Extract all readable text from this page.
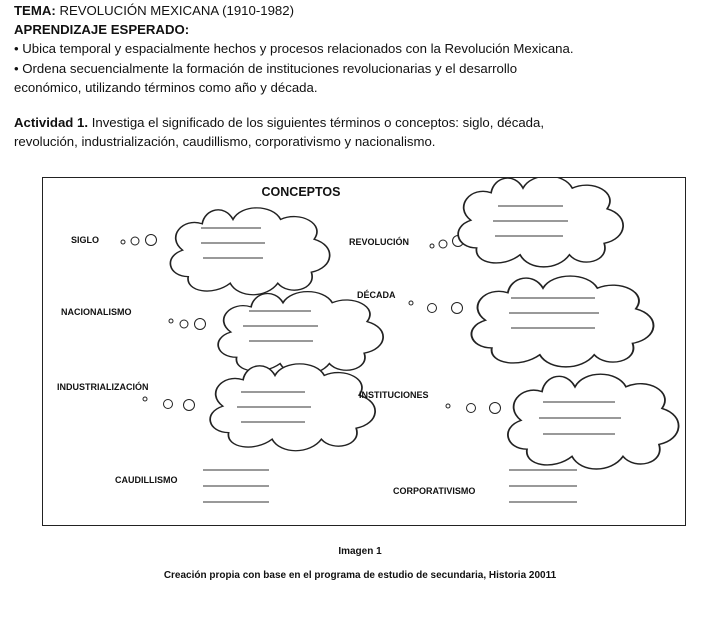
TEMA: REVOLUCIÓN MEXICANA (1910-1982)
APRENDIZAJE ESPERADO:
• Ubica temporal y espacialmente hechos y procesos relacionados con la Revolución Mexicana.
• Ordena secuencialmente la formación de instituciones revolucionarias y el desarrollo
económico, utilizando términos como año y década.
Actividad 1. Investiga el significado de los siguientes términos o conceptos: siglo, década,
revolución, industrialización, caudillismo, corporativismo y nacionalismo.
CONCEPTOS
SIGLO	REVOLUCIÓN
DÉCADA
NACIONALISMO
INDUSTRIALIZACIÓN
INSTITUCIONES
CAUDILLISMO
CORPORATIVISMO
Imagen 1
Creación propia con base en el programa de estudio de secundaria, Historia 20011
